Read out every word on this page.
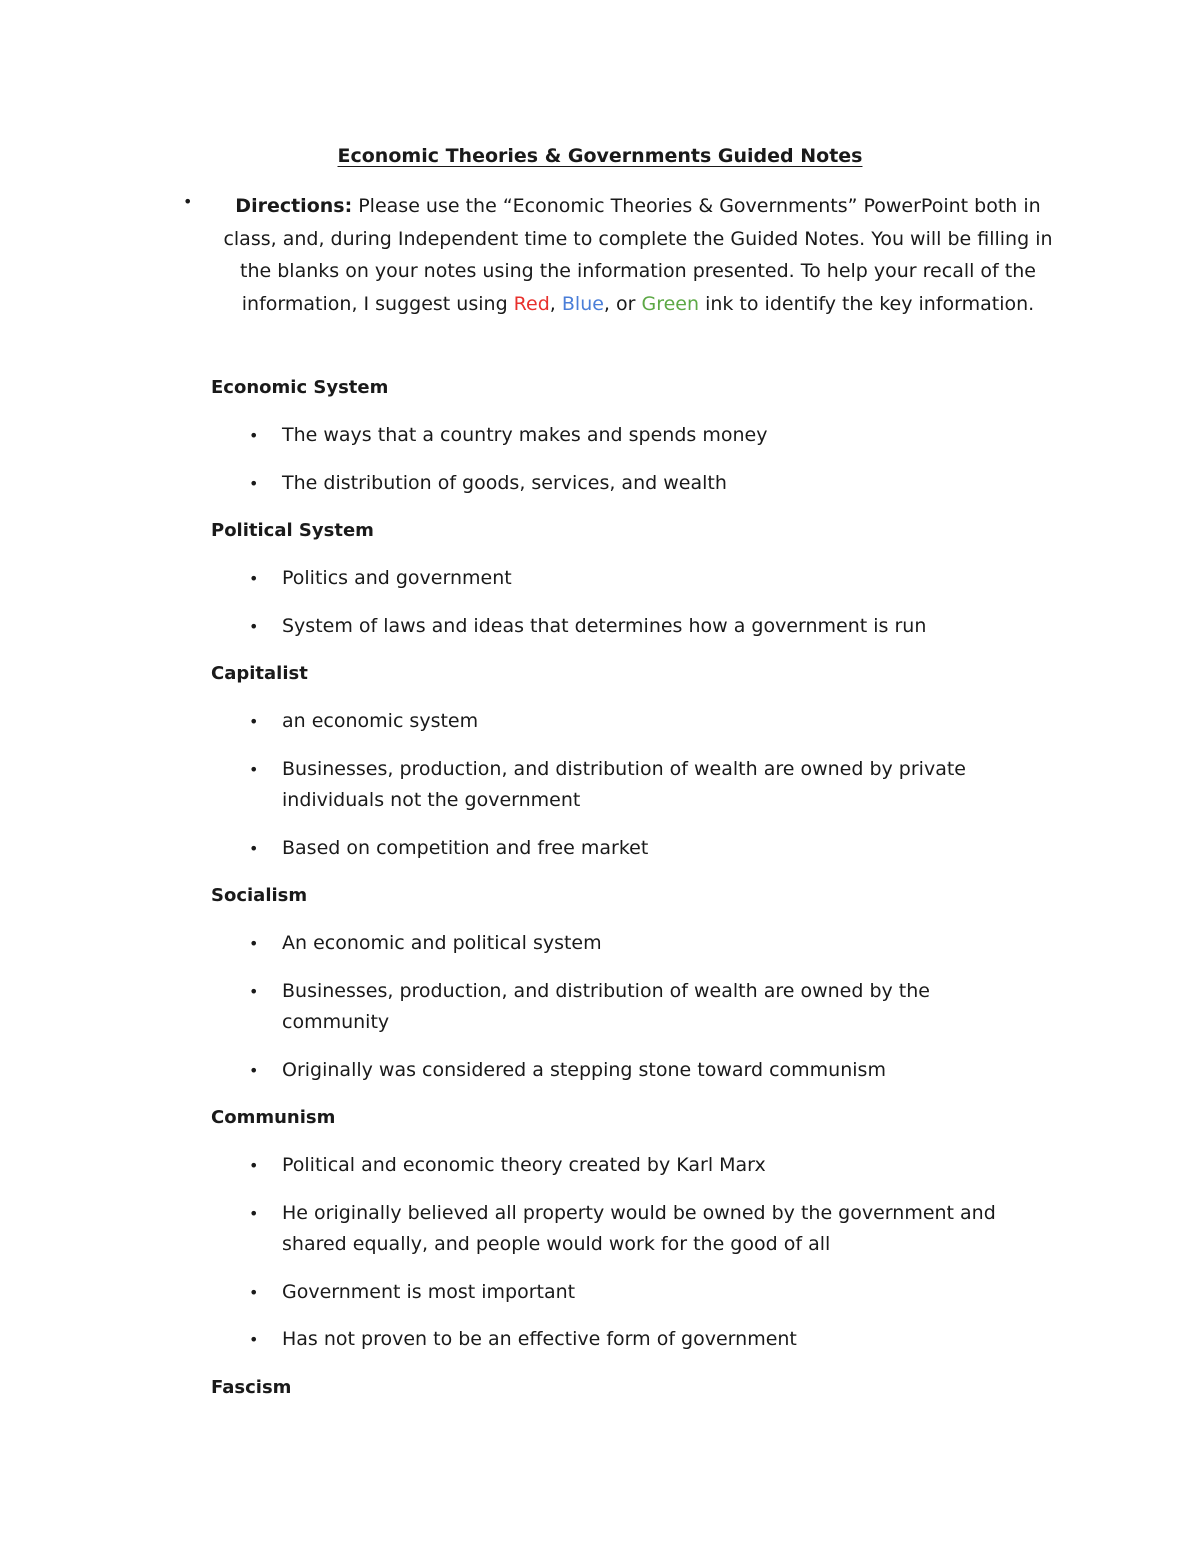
Economic Theories & Governments Guided Notes
•	Directions: Please use the “Economic Theories & Governments” PowerPoint both in class, and, during Independent time to complete the Guided Notes. You will be filling in the blanks on your notes using the information presented. To help your recall of the information, I suggest using Red, Blue, or Green ink to identify the key information.
Economic System
• The ways that a country makes and spends money
• The distribution of goods, services, and wealth
Political System
• Politics and government
• System of laws and ideas that determines how a government is run
Capitalist
• an economic system
• Businesses, production, and distribution of wealth are owned by private individuals not the government
• Based on competition and free market
Socialism
• An economic and political system
• Businesses, production, and distribution of wealth are owned by the community
• Originally was considered a stepping stone toward communism
Communism
• Political and economic theory created by Karl Marx
• He originally believed all property would be owned by the government and shared equally, and people would work for the good of all
• Government is most important
• Has not proven to be an effective form of government
Fascism
